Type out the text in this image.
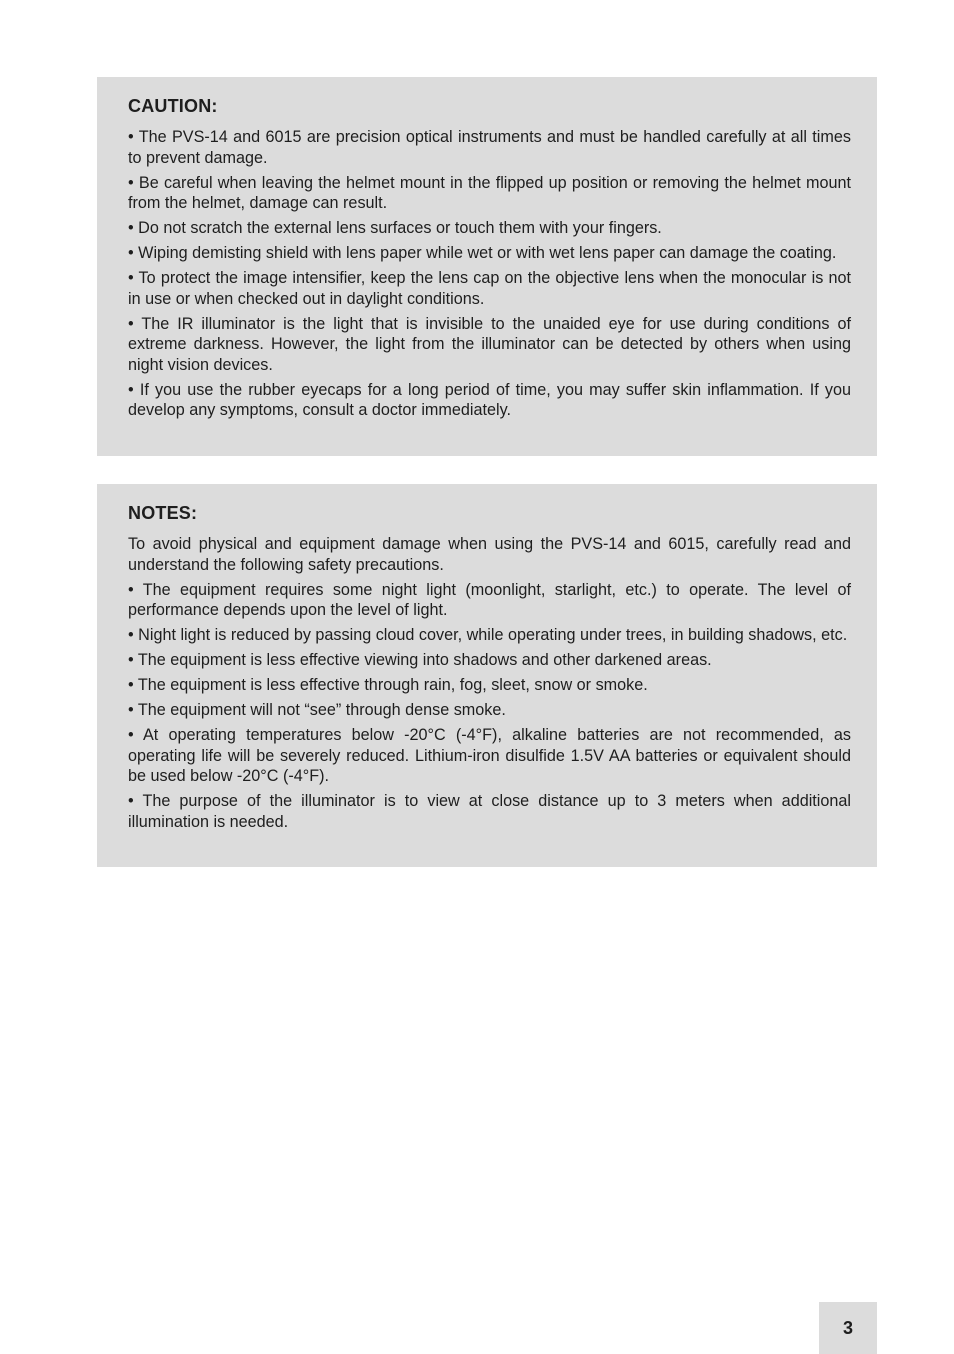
CAUTION:

• The PVS-14 and 6015 are precision optical instruments and must be handled carefully at all times to prevent damage.

• Be careful when leaving the helmet mount in the flipped up position or removing the helmet mount from the helmet, damage can result.

• Do not scratch the external lens surfaces or touch them with your fingers.

• Wiping demisting shield with lens paper while wet or with wet lens paper can damage the coating.

• To protect the image intensifier, keep the lens cap on the objective lens when the monocular is not in use or when checked out in daylight conditions.

• The IR illuminator is the light that is invisible to the unaided eye for use during conditions of extreme darkness. However, the light from the illuminator can be detected by others when using night vision devices.

• If you use the rubber eyecaps for a long period of time, you may suffer skin inflammation. If you develop any symptoms, consult a doctor immediately.

NOTES:

To avoid physical and equipment damage when using the PVS-14 and 6015, carefully read and understand the following safety precautions.

• The equipment requires some night light (moonlight, starlight, etc.) to operate. The level of performance depends upon the level of light.

• Night light is reduced by passing cloud cover, while operating under trees, in building shadows, etc.

• The equipment is less effective viewing into shadows and other darkened areas.

• The equipment is less effective through rain, fog, sleet, snow or smoke.

• The equipment will not “see” through dense smoke.

• At operating temperatures below -20°C (-4°F), alkaline batteries are not recommended, as operating life will be severely reduced. Lithium-iron disulfide 1.5V AA batteries or equivalent should be used below -20°C (-4°F).

• The purpose of the illuminator is to view at close distance up to 3 meters when additional illumination is needed.

3
